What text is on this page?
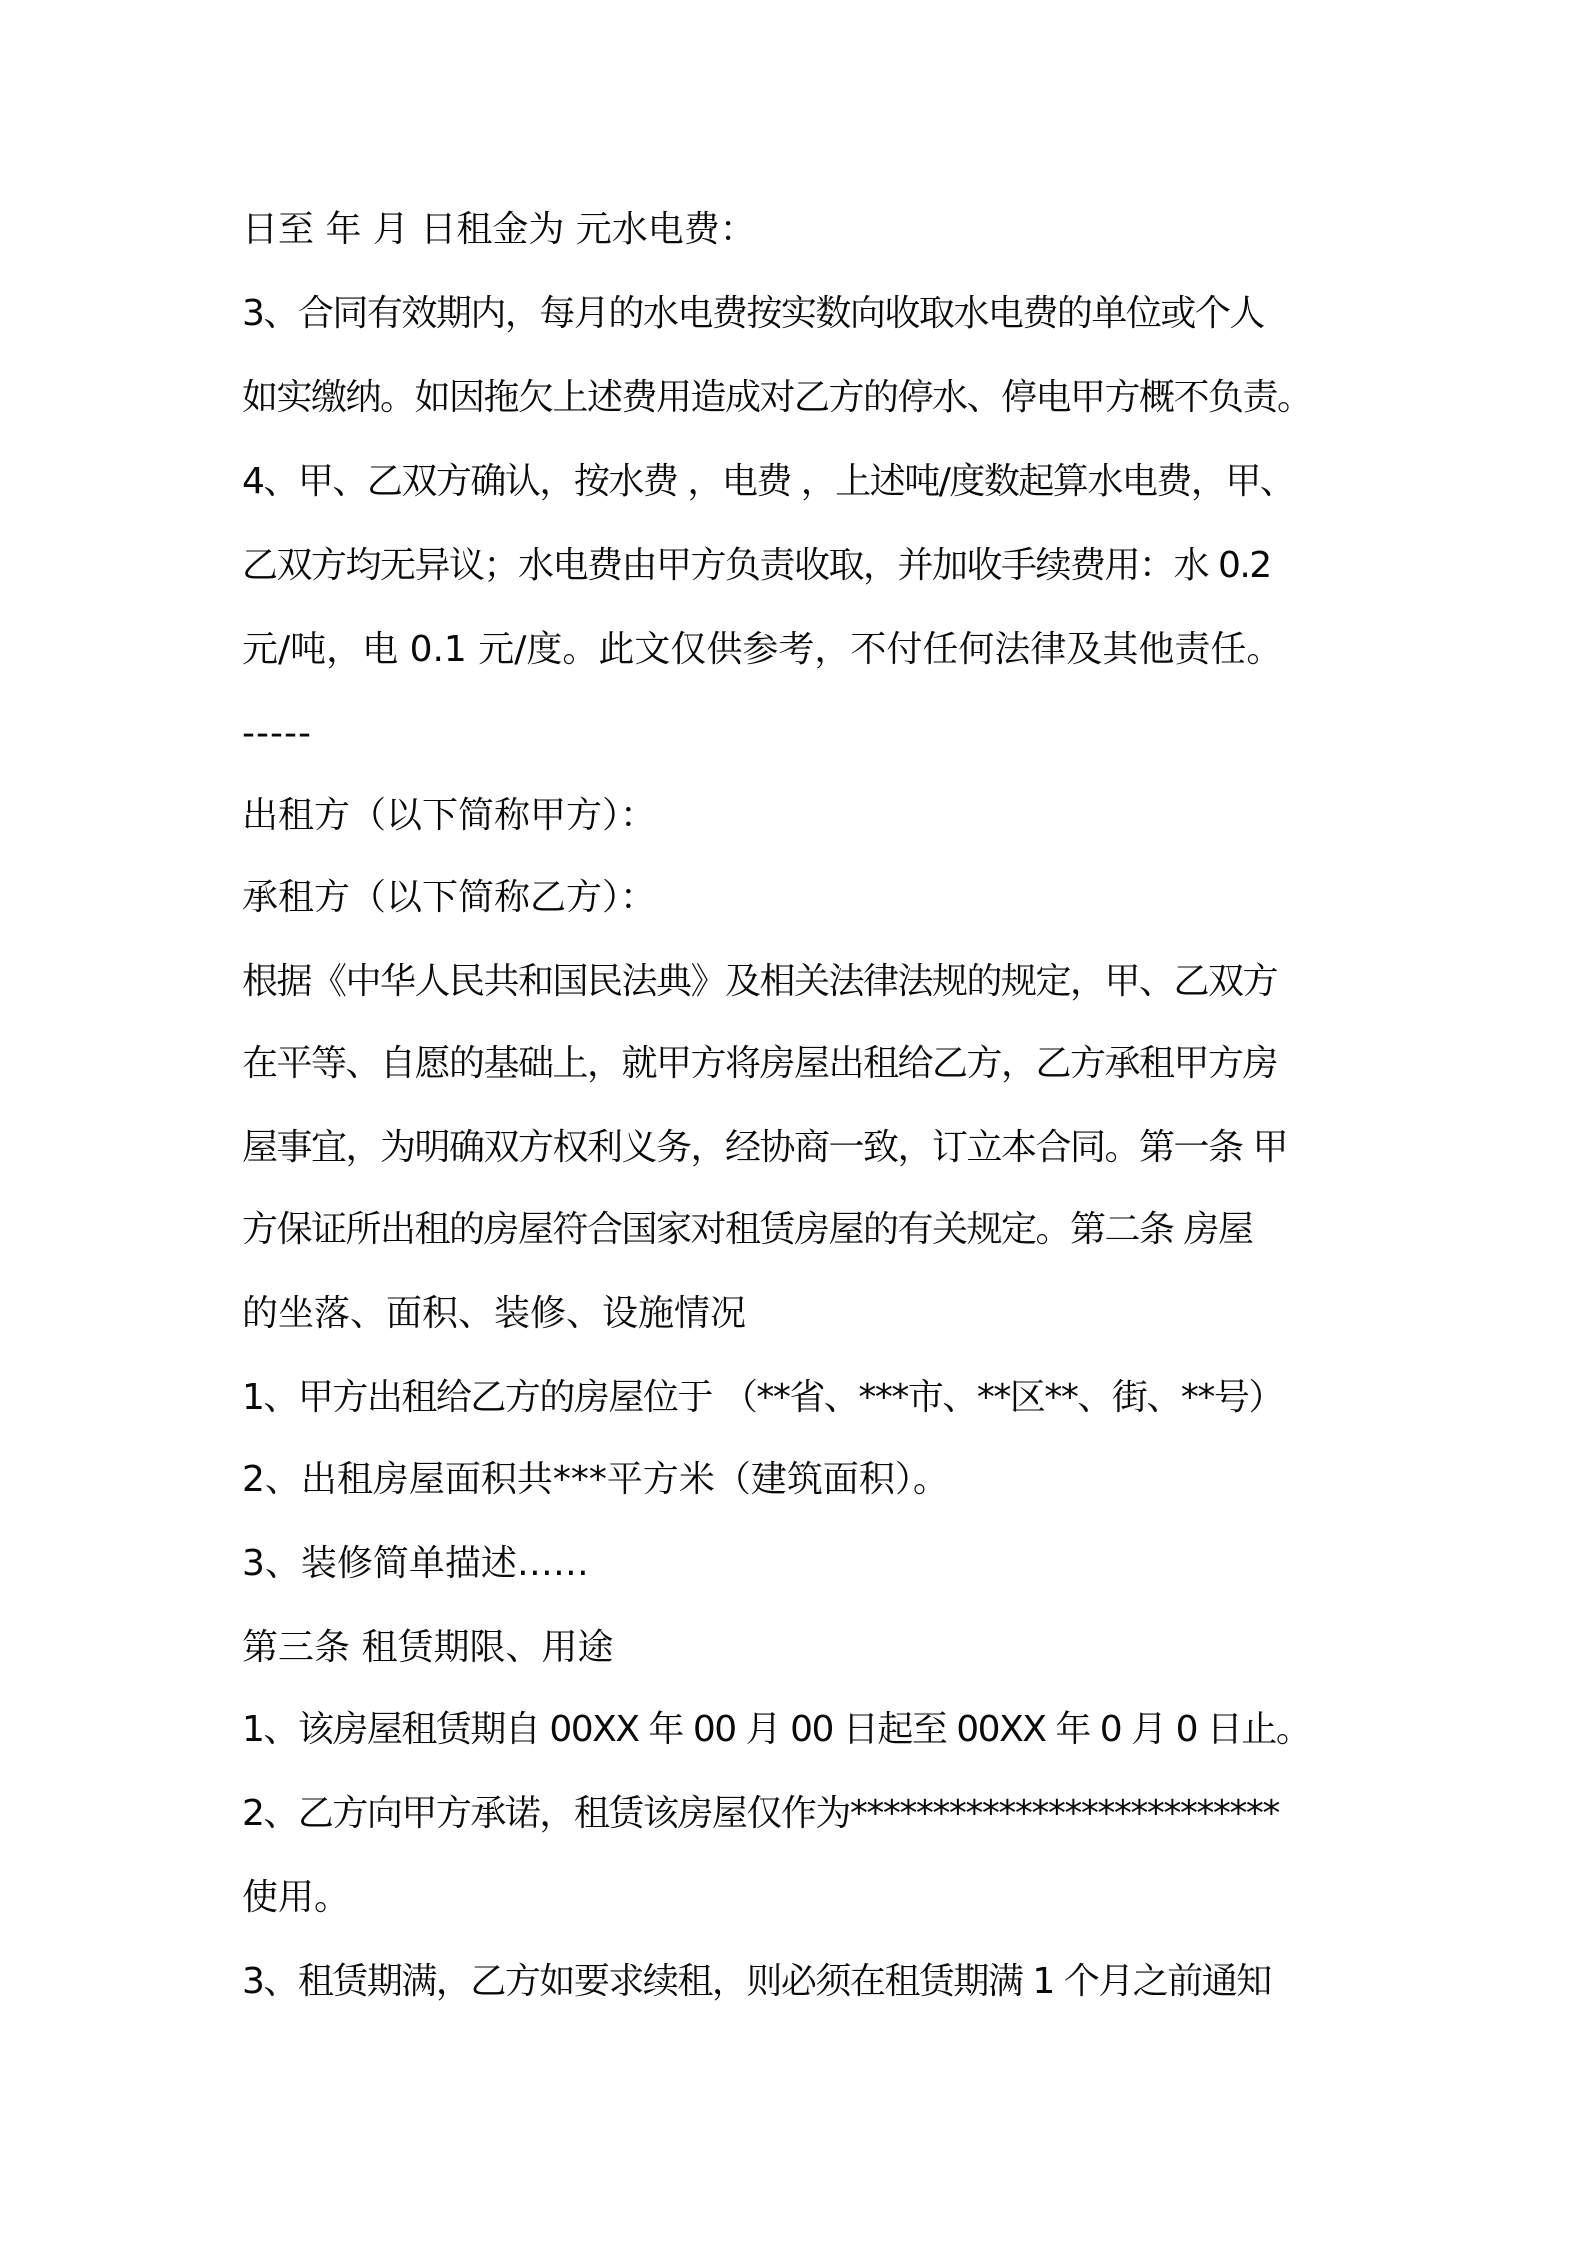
日至 年 月 日租金为 元水电费：
3、合同有效期内，每月的水电费按实数向收取水电费的单位或个人
如实缴纳。如因拖欠上述费用造成对乙方的停水、停电甲方概不负责。
4、甲、乙双方确认，按水费 ，电费 ，上述吨/度数起算水电费，甲、
乙双方均无异议；水电费由甲方负责收取，并加收手续费用：水 0.2
元/吨，电 0.1 元/度。此文仅供参考，不付任何法律及其他责任。
-----
出租方（以下简称甲方）：
承租方（以下简称乙方）：
根据《中华人民共和国民法典》及相关法律法规的规定，甲、乙双方
在平等、自愿的基础上，就甲方将房屋出租给乙方，乙方承租甲方房
屋事宜，为明确双方权利义务，经协商一致，订立本合同。第一条 甲
方保证所出租的房屋符合国家对租赁房屋的有关规定。第二条 房屋
的坐落、面积、装修、设施情况
1、甲方出租给乙方的房屋位于 （**省、***市、**区**、街、**号）
2、出租房屋面积共***平方米（建筑面积）。
3、装修简单描述……
第三条 租赁期限、用途
1、该房屋租赁期自 00XX 年 00 月 00 日起至 00XX 年 0 月 0 日止。
2、乙方向甲方承诺，租赁该房屋仅作为**************************
使用。
3、租赁期满，乙方如要求续租，则必须在租赁期满 1 个月之前通知
